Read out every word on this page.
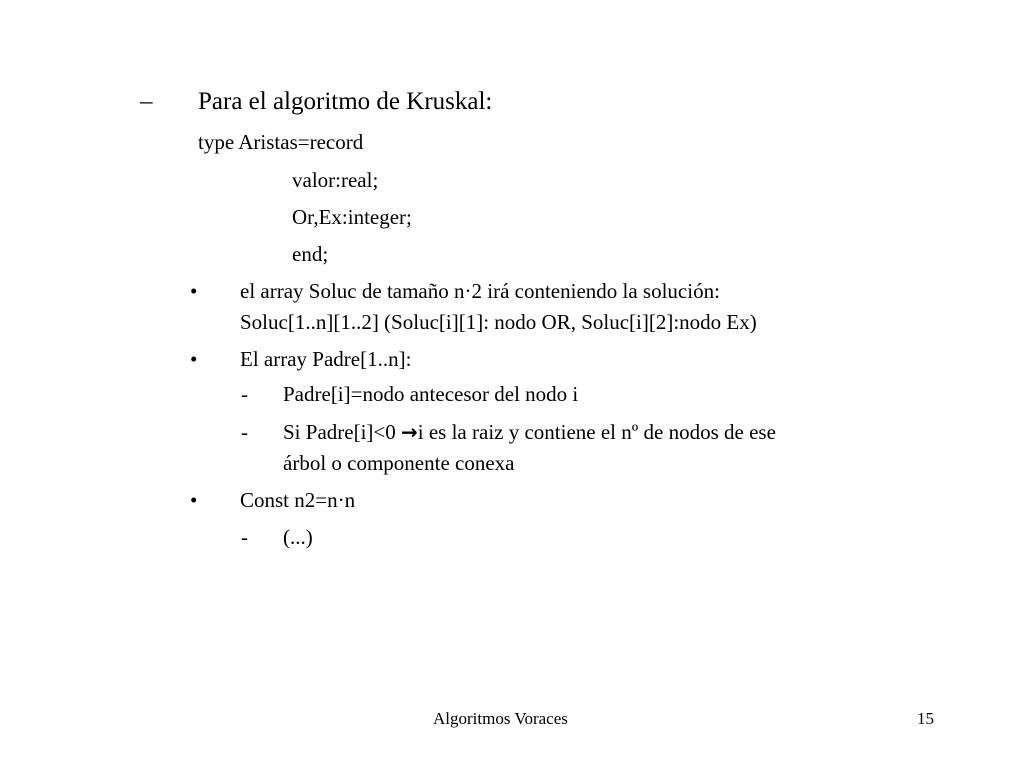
– Para el algoritmo de Kruskal:
type Aristas=record
valor:real;
Or,Ex:integer;
end;
• el array Soluc de tamaño n·2 irá conteniendo la solución:
Soluc[1..n][1..2] (Soluc[i][1]: nodo OR, Soluc[i][2]:nodo Ex)
• El array Padre[1..n]:
- Padre[i]=nodo antecesor del nodo i
- Si Padre[i]<0 →i es la raiz y contiene el nº de nodos de ese
árbol o componente conexa
• Const n2=n·n
- (...)
Algoritmos Voraces	15
